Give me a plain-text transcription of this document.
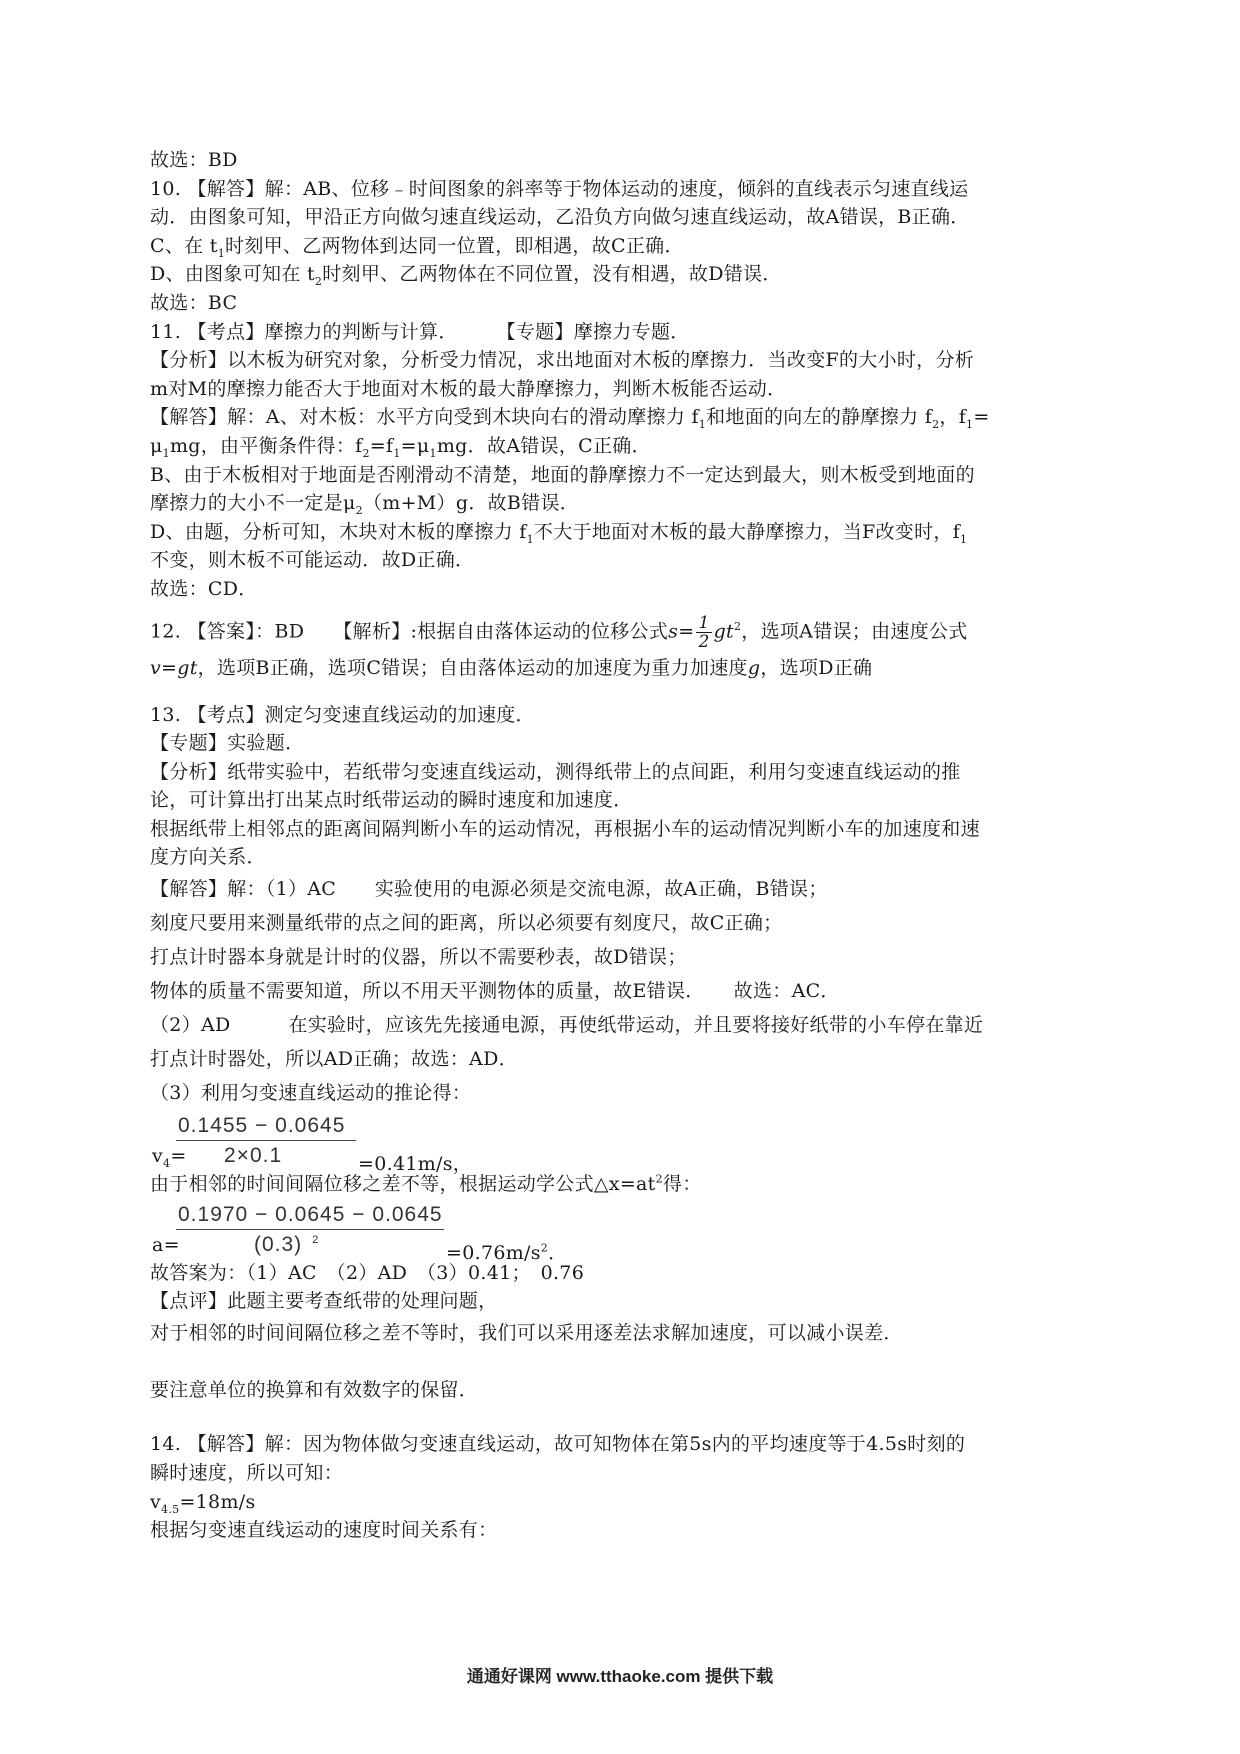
故选：BD
10. 【解答】解：AB、位移﹣时间图象的斜率等于物体运动的速度，倾斜的直线表示匀速直线运
动．由图象可知，甲沿正方向做匀速直线运动，乙沿负方向做匀速直线运动，故A错误，B正确．
C、在 $t_1$时刻甲、乙两物体到达同一位置，即相遇，故C正确．
D、由图象可知在 $t_2$时刻甲、乙两物体在不同位置，没有相遇，故D错误．
故选：BC
11. 【考点】摩擦力的判断与计算．　　　【专题】摩擦力专题．
【分析】以木板为研究对象，分析受力情况，求出地面对木板的摩擦力．当改变F的大小时，分析
m对M的摩擦力能否大于地面对木板的最大静摩擦力，判断木板能否运动．
【解答】解：A、对木板：水平方向受到木块向右的滑动摩擦力 $f_1$和地面的向左的静摩擦力 $f_2$，$f_1=$
$\mu_1mg$，由平衡条件得：$f_2=f_1=\mu_1mg$．故A错误，C正确．
B、由于木板相对于地面是否刚滑动不清楚，地面的静摩擦力不一定达到最大，则木板受到地面的
摩擦力的大小不一定是$\mu_2(m+M)g$．故B错误．
D、由题，分析可知，木块对木板的摩擦力 $f_1$不大于地面对木板的最大静摩擦力，当F改变时，$f_1$
不变，则木板不可能运动．故D正确．
故选：CD．
12. 【答案】：BD　　【解析】:根据自由落体运动的位移公式$s= \frac{1}{2} gt^2$，选项A错误；由速度公式
v=gt，选项B正确，选项C错误；自由落体运动的加速度为重力加速度g，选项D正确
13. 【考点】测定匀变速直线运动的加速度．
【专题】实验题．
【分析】纸带实验中，若纸带匀变速直线运动，测得纸带上的点间距，利用匀变速直线运动的推
论，可计算出打出某点时纸带运动的瞬时速度和加速度．
根据纸带上相邻点的距离间隔判断小车的运动情况，再根据小车的运动情况判断小车的加速度和速
度方向关系．
【解答】解：（1）AC　　实验使用的电源必须是交流电源，故A正确，B错误；
刻度尺要用来测量纸带的点之间的距离，所以必须要有刻度尺，故C正确；
打点计时器本身就是计时的仪器，所以不需要秒表，故D错误；
物体的质量不需要知道，所以不用天平测物体的质量，故E错误．　　故选：AC．
（2）AD　　　在实验时，应该先先接通电源，再使纸带运动，并且要将接好纸带的小车停在靠近
打点计时器处，所以AD正确；故选：AD．
（3）利用匀变速直线运动的推论得：
$v_4=$
0.1455 − 0.0645
2×0.1	=0.41m/s，
由于相邻的时间间隔位移之差不等，根据运动学公式$\triangle x=at^2$得：
a=
0.1970 − 0.0645 − 0.0645
(0.3) $^2$
$=0.76m/s^2$．
故答案为：（1）AC　（2）AD　（3）0.41；　0.76
【点评】此题主要考查纸带的处理问题，
对于相邻的时间间隔位移之差不等时，我们可以采用逐差法求解加速度，可以减小误差．
要注意单位的换算和有效数字的保留．
14. 【解答】解：因为物体做匀变速直线运动，故可知物体在第5s内的平均速度等于4.5s时刻的
瞬时速度，所以可知：
$v_{4.5}=18m/s$
根据匀变速直线运动的速度时间关系有：
通通好课网 www.tthaoke.com 提供下载
